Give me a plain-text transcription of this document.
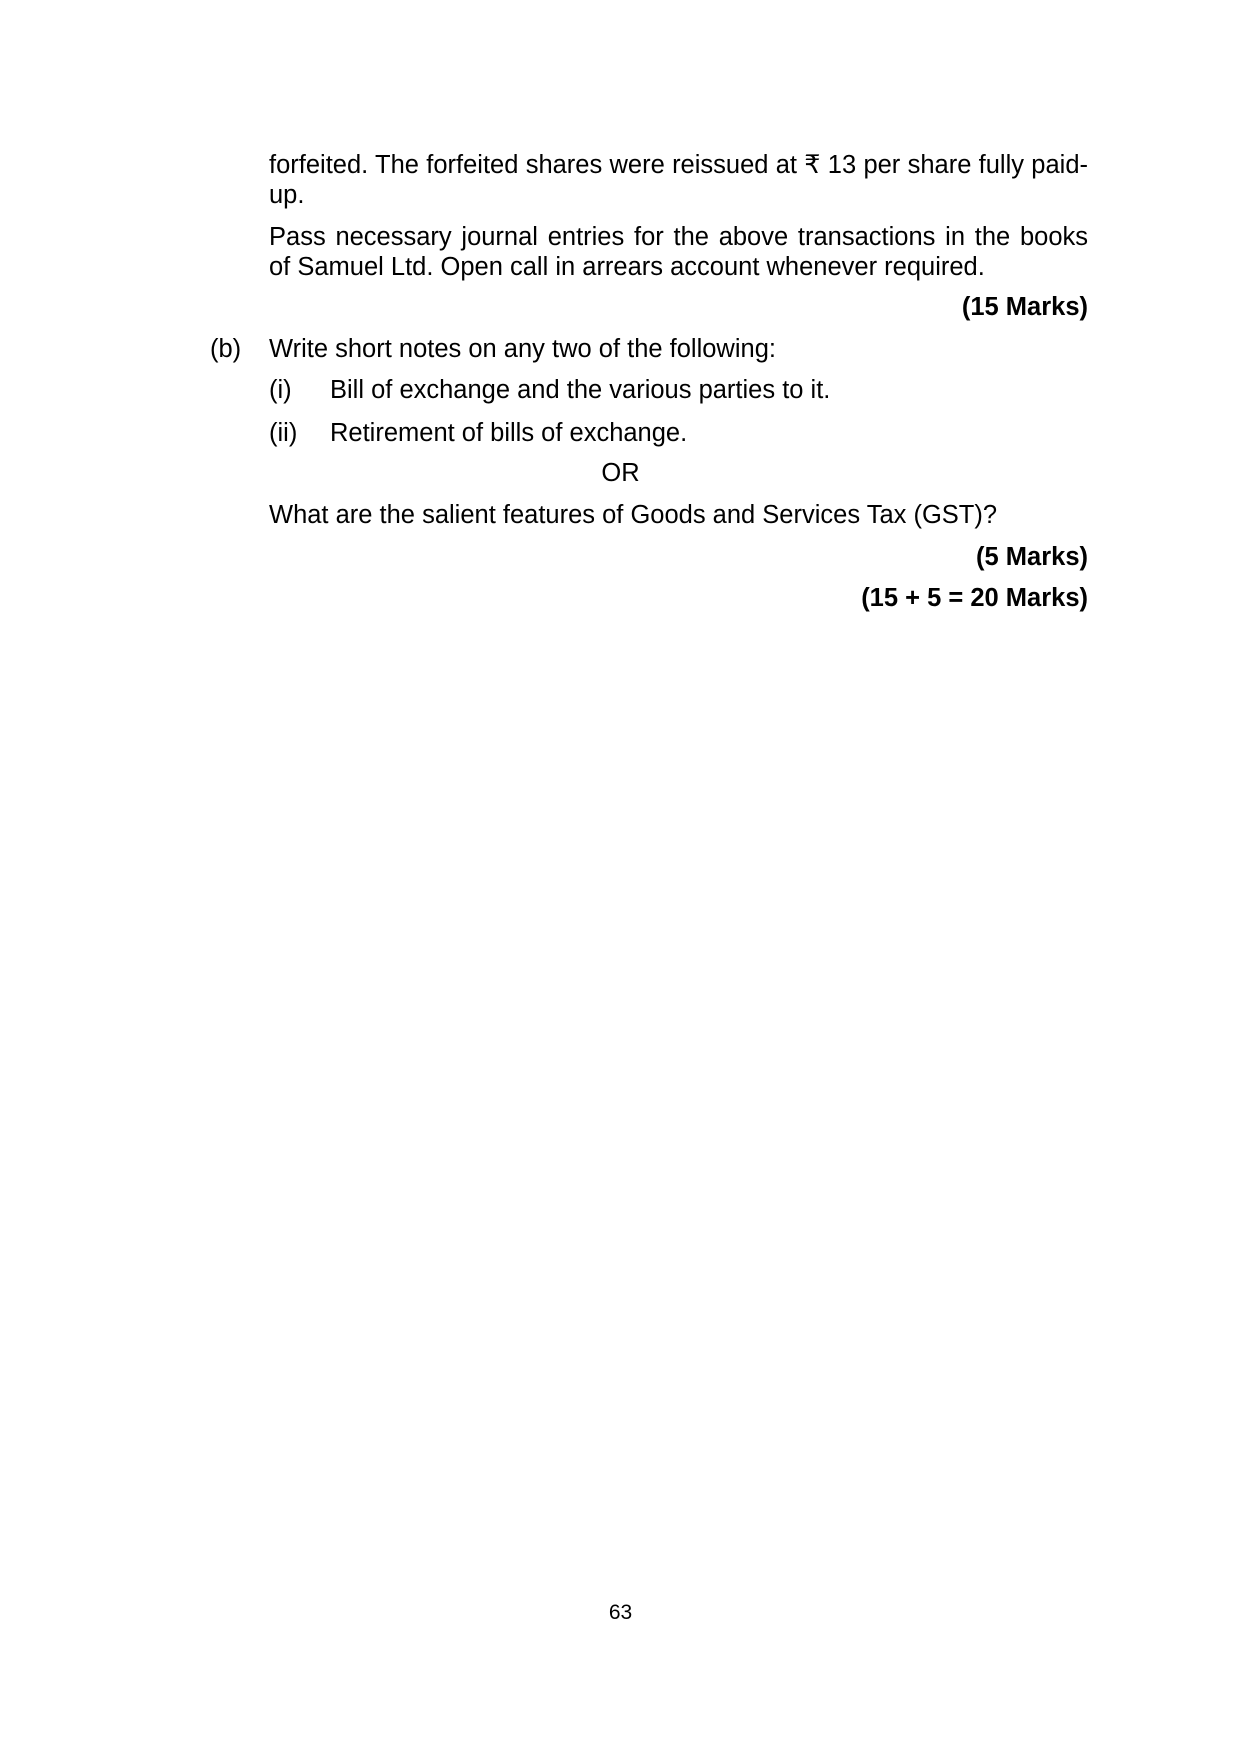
forfeited. The forfeited shares were reissued at ₹ 13 per share fully paid-
up.
Pass necessary journal entries for the above transactions in the books
of Samuel Ltd. Open call in arrears account whenever required.
(15 Marks)
(b) Write short notes on any two of the following:
(i) Bill of exchange and the various parties to it.
(ii) Retirement of bills of exchange.
OR
What are the salient features of Goods and Services Tax (GST)?
(5 Marks)
(15 + 5 = 20 Marks)
63
